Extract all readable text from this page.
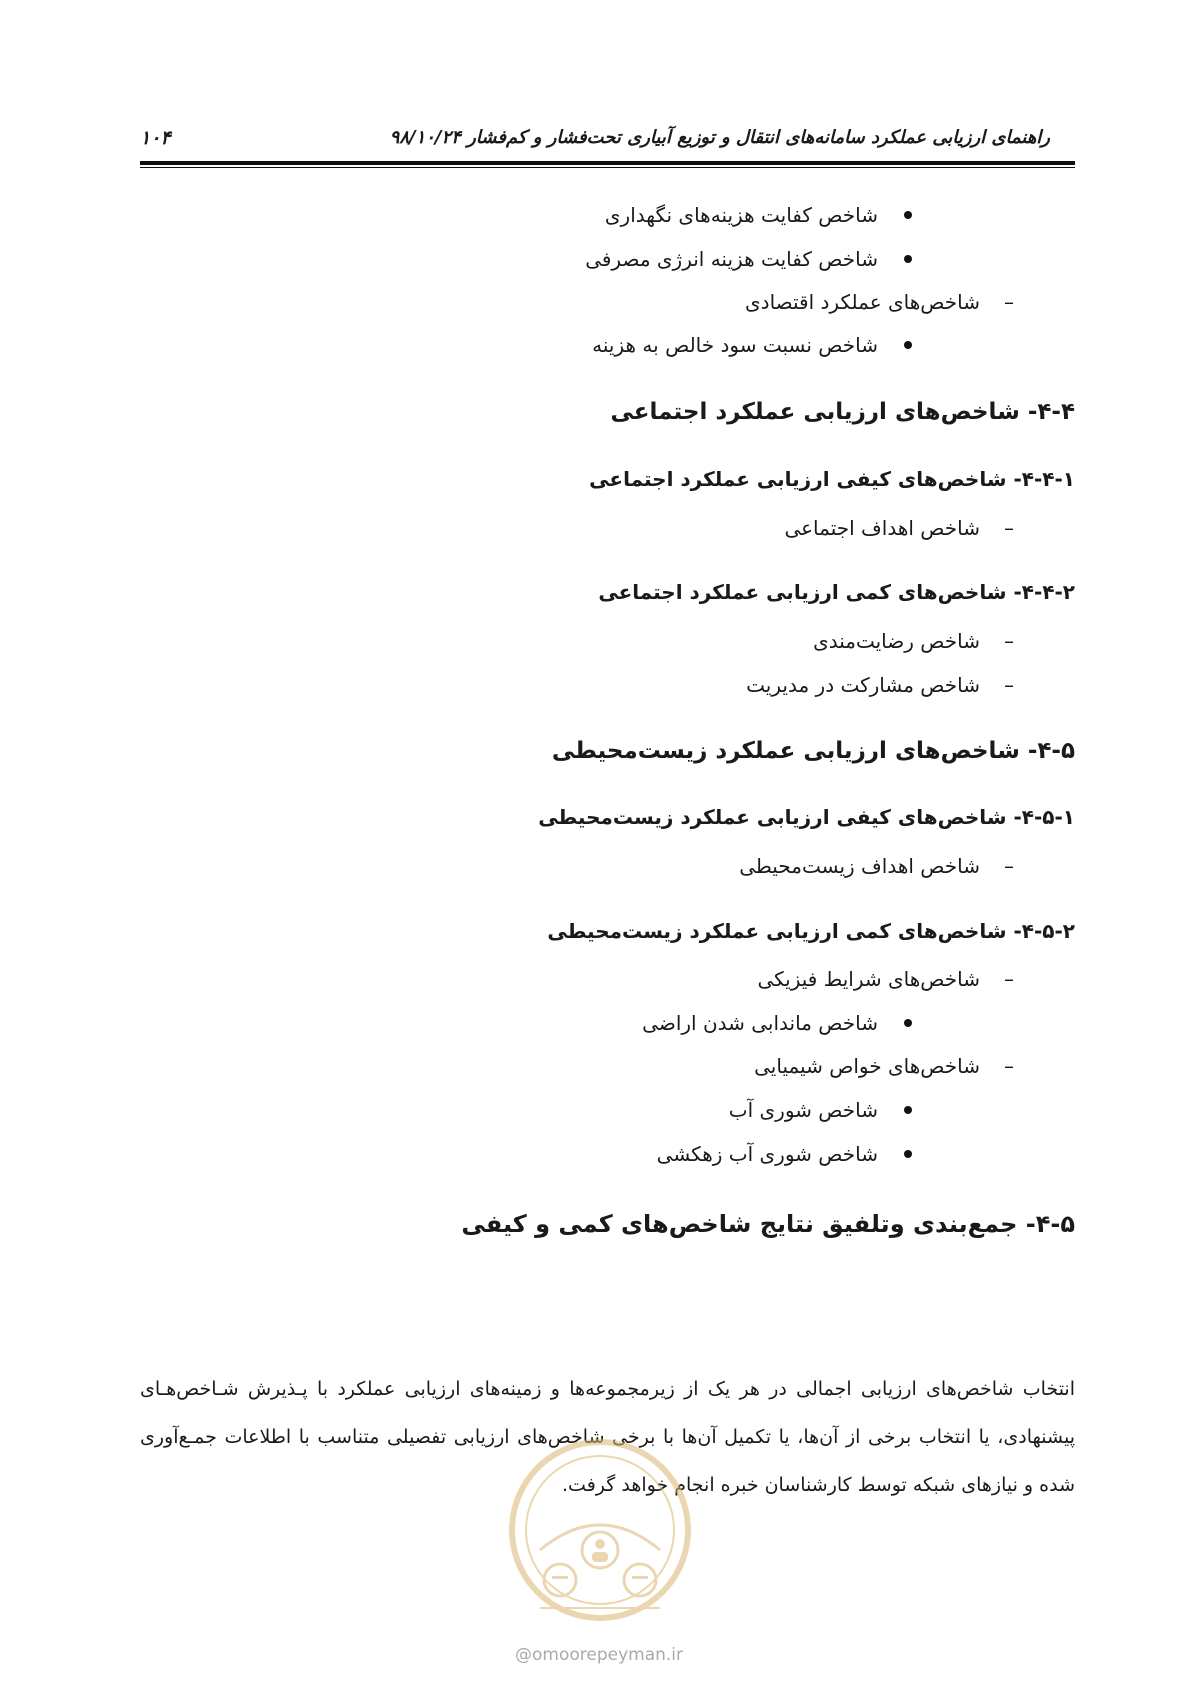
۱۰۴	راهنمای ارزیابی عملکرد سامانه‌های انتقال و توزیع آبیاری تحت‌فشار و کم‌فشار ۹۸/۱۰/۲۴
شاخص کفایت هزینه‌های نگهداری
شاخص کفایت هزینه انرژی مصرفی
–
شاخص‌های عملکرد اقتصادی
شاخص نسبت سود خالص به هزینه
۴-۴- شاخص‌های ارزیابی عملکرد اجتماعی
۴-۴-۱- شاخص‌های کیفی ارزیابی عملکرد اجتماعی
–
شاخص اهداف اجتماعی
۴-۴-۲- شاخص‌های کمی ارزیابی عملکرد اجتماعی
–
شاخص رضایت‌مندی
–
شاخص مشارکت در مدیریت
۴-۵- شاخص‌های ارزیابی عملکرد زیست‌محیطی
۴-۵-۱- شاخص‌های کیفی ارزیابی عملکرد زیست‌محیطی
–
شاخص اهداف زیست‌محیطی
۴-۵-۲- شاخص‌های کمی ارزیابی عملکرد زیست‌محیطی
–
شاخص‌های شرایط فیزیکی
شاخص ماندابی شدن اراضی
–
شاخص‌های خواص شیمیایی
شاخص شوری آب
شاخص شوری آب زهکشی
۴-۵- جمع‌بندی وتلفیق نتایج شاخص‌های کمی و کیفی
انتخاب شاخص‌های ارزیابی اجمالی در هر یک از زیرمجموعه‌ها و زمینه‌های ارزیابی عملکرد با پـذیرش شـاخص‌هـای پیشنهادی، یا انتخاب برخی از آن‌ها، یا تکمیل آن‌ها با برخی شاخص‌های ارزیابی تفصیلی متناسب با اطلاعات جمـع‌آوری شده و نیازهای شبکه توسط کارشناسان خبره انجام خواهد گرفت.
@omoorepeyman.ir
